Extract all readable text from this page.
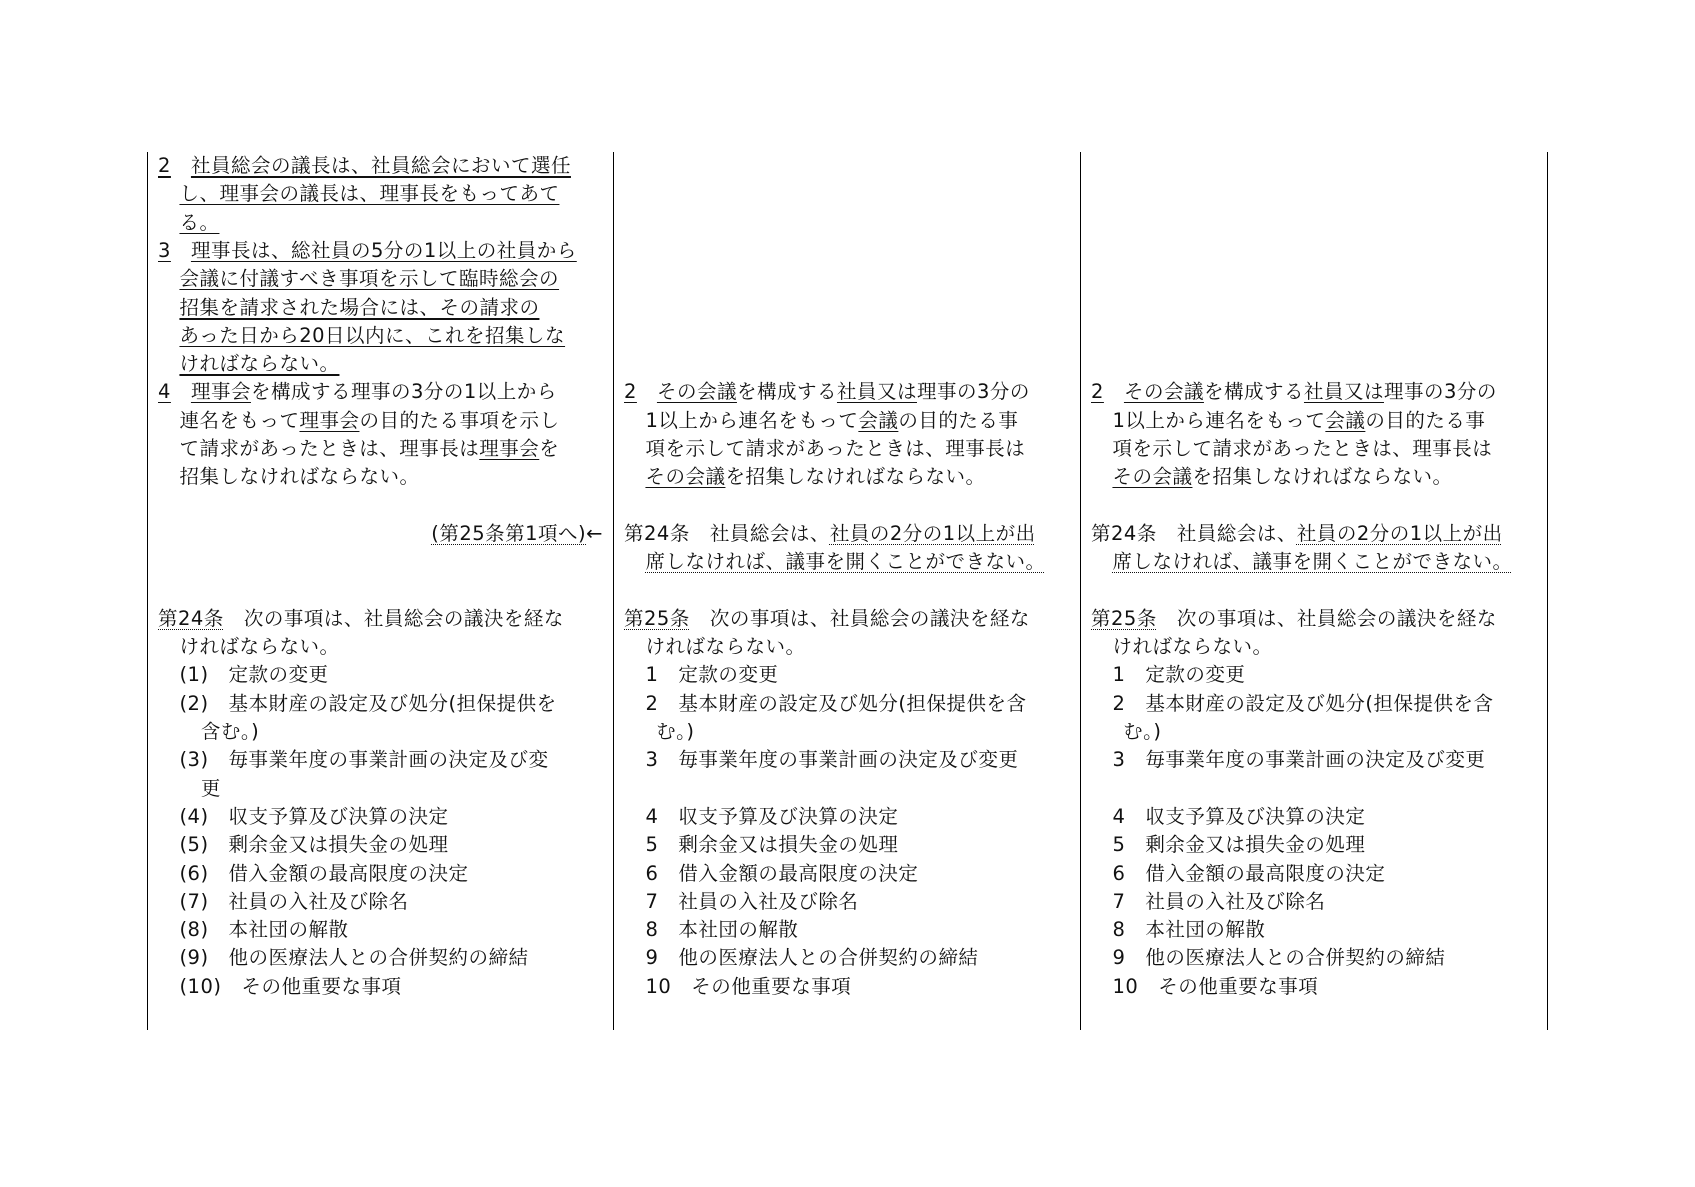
2　 社員総会の議長は、社員総会において選任
し、理事会の議長は、理事長をもってあて
る。
3　 理事長は、総社員の5分の1以上の社員から
会議に付議すべき事項を示して臨時総会の
招集を請求された場合には、その請求の
あった日から20日以内に、これを招集しな
ければならない。
4　 理事会を構成する理事の3分の1以上から
連名をもって理事会の目的たる事項を示し
て請求があったときは、理事長は理事会を
招集しなければならない。
(第25条第1項へ)←
第24条　次の事項は、社員総会の議決を経な
ければならない。
(1)　定款の変更
(2)　基本財産の設定及び処分(担保提供を
含む。)
(3)　毎事業年度の事業計画の決定及び変
更
(4)　収支予算及び決算の決定
(5)　剰余金又は損失金の処理
(6)　借入金額の最高限度の決定
(7)　社員の入社及び除名
(8)　本社団の解散
(9)　他の医療法人との合併契約の締結
(10)　その他重要な事項
2　 その会議を構成する社員又は理事の3分の
1以上から連名をもって会議の目的たる事
項を示して請求があったときは、理事長は
その会議を招集しなければならない。
第24条　社員総会は、社員の2分の1以上が出
席しなければ、議事を開くことができない。
第25条　次の事項は、社員総会の議決を経な
ければならない。
1　定款の変更
2　基本財産の設定及び処分(担保提供を含
む。)
3　毎事業年度の事業計画の決定及び変更
4　収支予算及び決算の決定
5　剰余金又は損失金の処理
6　借入金額の最高限度の決定
7　社員の入社及び除名
8　本社団の解散
9　他の医療法人との合併契約の締結
10　その他重要な事項
2　 その会議を構成する社員又は理事の3分の
1以上から連名をもって会議の目的たる事
項を示して請求があったときは、理事長は
その会議を招集しなければならない。
第24条　社員総会は、社員の2分の1以上が出
席しなければ、議事を開くことができない。
第25条　次の事項は、社員総会の議決を経な
ければならない。
1　定款の変更
2　基本財産の設定及び処分(担保提供を含
む。)
3　毎事業年度の事業計画の決定及び変更
4　収支予算及び決算の決定
5　剰余金又は損失金の処理
6　借入金額の最高限度の決定
7　社員の入社及び除名
8　本社団の解散
9　他の医療法人との合併契約の締結
10　その他重要な事項
